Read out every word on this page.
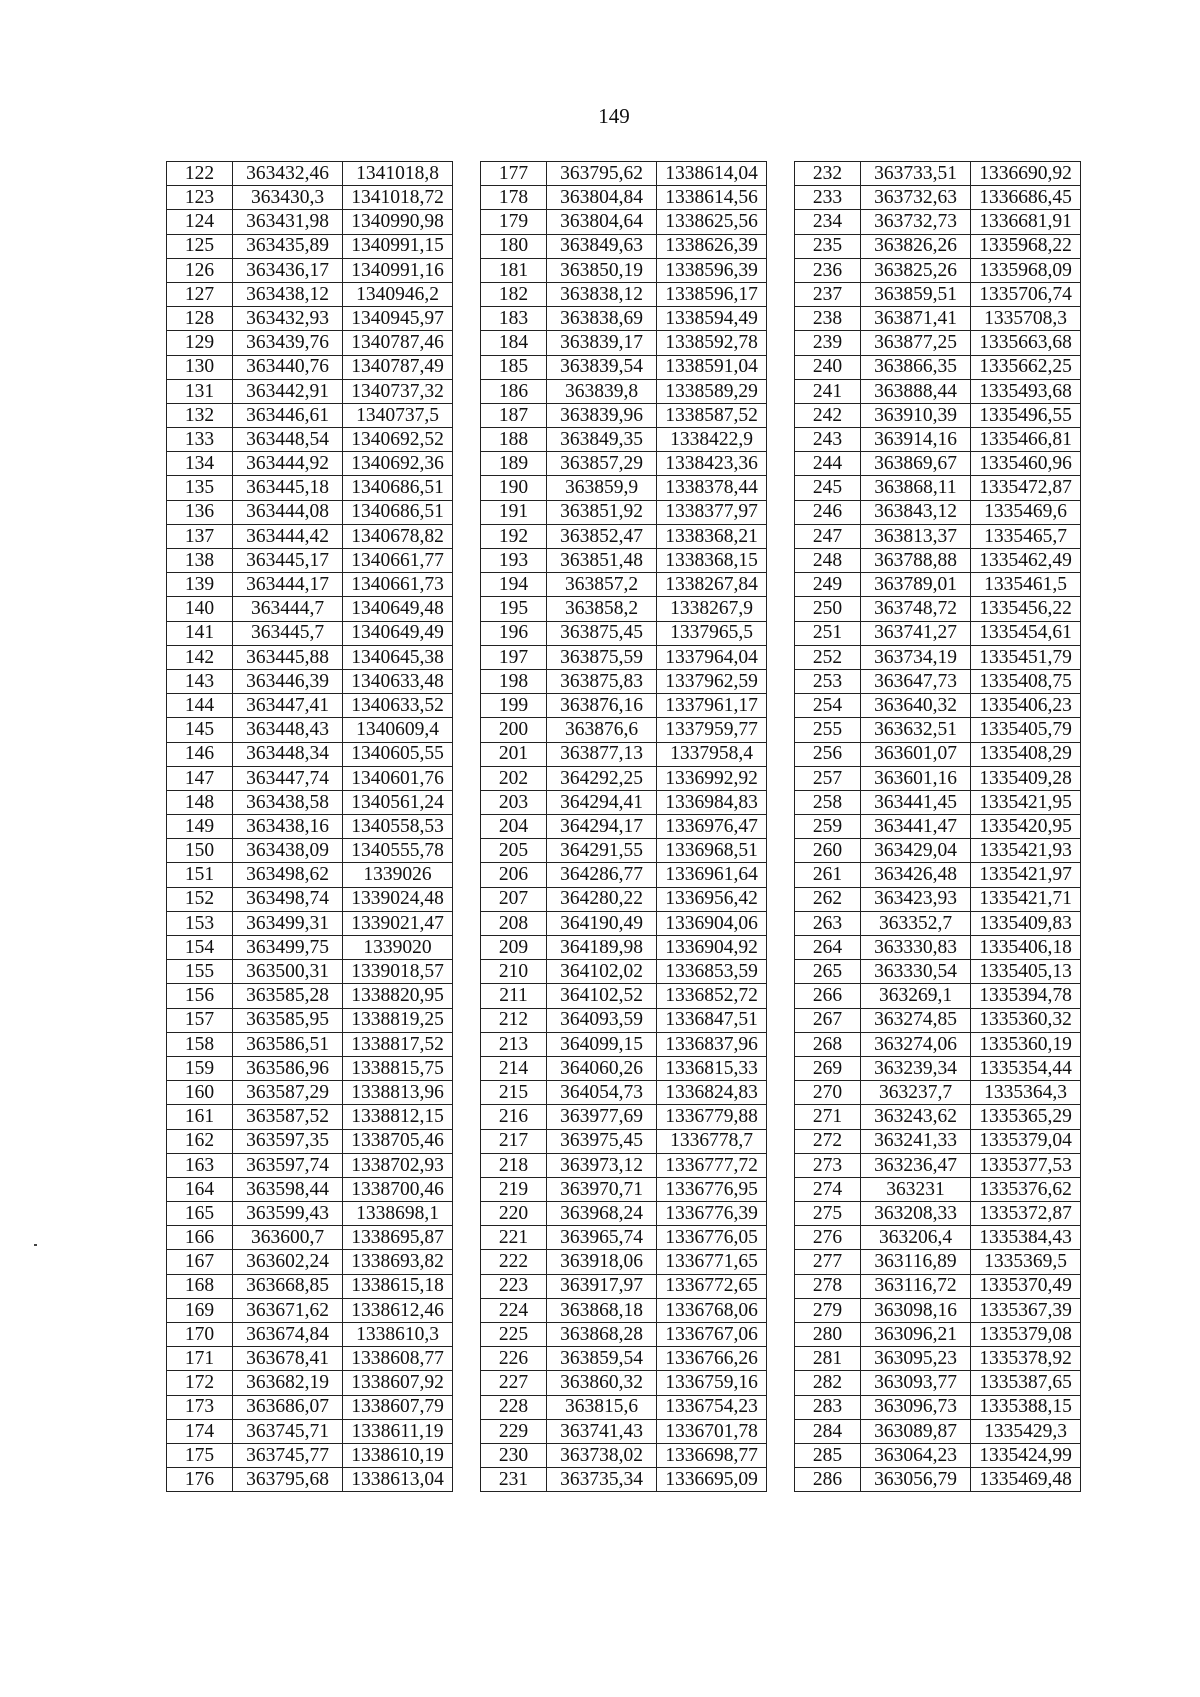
149
122	363432,46	1341018,8
123	363430,3	1341018,72
124	363431,98	1340990,98
125	363435,89	1340991,15
126	363436,17	1340991,16
127	363438,12	1340946,2
128	363432,93	1340945,97
129	363439,76	1340787,46
130	363440,76	1340787,49
131	363442,91	1340737,32
132	363446,61	1340737,5
133	363448,54	1340692,52
134	363444,92	1340692,36
135	363445,18	1340686,51
136	363444,08	1340686,51
137	363444,42	1340678,82
138	363445,17	1340661,77
139	363444,17	1340661,73
140	363444,7	1340649,48
141	363445,7	1340649,49
142	363445,88	1340645,38
143	363446,39	1340633,48
144	363447,41	1340633,52
145	363448,43	1340609,4
146	363448,34	1340605,55
147	363447,74	1340601,76
148	363438,58	1340561,24
149	363438,16	1340558,53
150	363438,09	1340555,78
151	363498,62	1339026
152	363498,74	1339024,48
153	363499,31	1339021,47
154	363499,75	1339020
155	363500,31	1339018,57
156	363585,28	1338820,95
157	363585,95	1338819,25
158	363586,51	1338817,52
159	363586,96	1338815,75
160	363587,29	1338813,96
161	363587,52	1338812,15
162	363597,35	1338705,46
163	363597,74	1338702,93
164	363598,44	1338700,46
165	363599,43	1338698,1
166	363600,7	1338695,87
167	363602,24	1338693,82
168	363668,85	1338615,18
169	363671,62	1338612,46
170	363674,84	1338610,3
171	363678,41	1338608,77
172	363682,19	1338607,92
173	363686,07	1338607,79
174	363745,71	1338611,19
175	363745,77	1338610,19
176	363795,68	1338613,04
177	363795,62	1338614,04
178	363804,84	1338614,56
179	363804,64	1338625,56
180	363849,63	1338626,39
181	363850,19	1338596,39
182	363838,12	1338596,17
183	363838,69	1338594,49
184	363839,17	1338592,78
185	363839,54	1338591,04
186	363839,8	1338589,29
187	363839,96	1338587,52
188	363849,35	1338422,9
189	363857,29	1338423,36
190	363859,9	1338378,44
191	363851,92	1338377,97
192	363852,47	1338368,21
193	363851,48	1338368,15
194	363857,2	1338267,84
195	363858,2	1338267,9
196	363875,45	1337965,5
197	363875,59	1337964,04
198	363875,83	1337962,59
199	363876,16	1337961,17
200	363876,6	1337959,77
201	363877,13	1337958,4
202	364292,25	1336992,92
203	364294,41	1336984,83
204	364294,17	1336976,47
205	364291,55	1336968,51
206	364286,77	1336961,64
207	364280,22	1336956,42
208	364190,49	1336904,06
209	364189,98	1336904,92
210	364102,02	1336853,59
211	364102,52	1336852,72
212	364093,59	1336847,51
213	364099,15	1336837,96
214	364060,26	1336815,33
215	364054,73	1336824,83
216	363977,69	1336779,88
217	363975,45	1336778,7
218	363973,12	1336777,72
219	363970,71	1336776,95
220	363968,24	1336776,39
221	363965,74	1336776,05
222	363918,06	1336771,65
223	363917,97	1336772,65
224	363868,18	1336768,06
225	363868,28	1336767,06
226	363859,54	1336766,26
227	363860,32	1336759,16
228	363815,6	1336754,23
229	363741,43	1336701,78
230	363738,02	1336698,77
231	363735,34	1336695,09
232	363733,51	1336690,92
233	363732,63	1336686,45
234	363732,73	1336681,91
235	363826,26	1335968,22
236	363825,26	1335968,09
237	363859,51	1335706,74
238	363871,41	1335708,3
239	363877,25	1335663,68
240	363866,35	1335662,25
241	363888,44	1335493,68
242	363910,39	1335496,55
243	363914,16	1335466,81
244	363869,67	1335460,96
245	363868,11	1335472,87
246	363843,12	1335469,6
247	363813,37	1335465,7
248	363788,88	1335462,49
249	363789,01	1335461,5
250	363748,72	1335456,22
251	363741,27	1335454,61
252	363734,19	1335451,79
253	363647,73	1335408,75
254	363640,32	1335406,23
255	363632,51	1335405,79
256	363601,07	1335408,29
257	363601,16	1335409,28
258	363441,45	1335421,95
259	363441,47	1335420,95
260	363429,04	1335421,93
261	363426,48	1335421,97
262	363423,93	1335421,71
263	363352,7	1335409,83
264	363330,83	1335406,18
265	363330,54	1335405,13
266	363269,1	1335394,78
267	363274,85	1335360,32
268	363274,06	1335360,19
269	363239,34	1335354,44
270	363237,7	1335364,3
271	363243,62	1335365,29
272	363241,33	1335379,04
273	363236,47	1335377,53
274	363231	1335376,62
275	363208,33	1335372,87
276	363206,4	1335384,43
277	363116,89	1335369,5
278	363116,72	1335370,49
279	363098,16	1335367,39
280	363096,21	1335379,08
281	363095,23	1335378,92
282	363093,77	1335387,65
283	363096,73	1335388,15
284	363089,87	1335429,3
285	363064,23	1335424,99
286	363056,79	1335469,48
